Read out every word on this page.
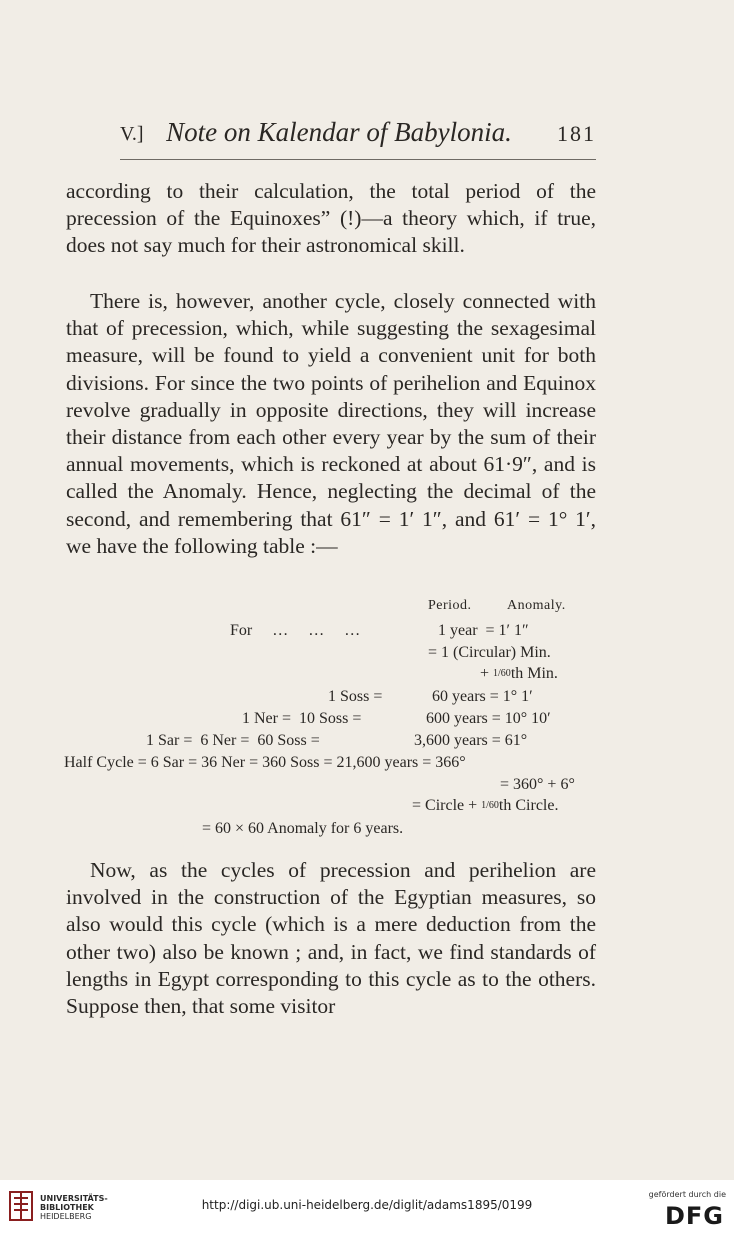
V.] Note on Kalendar of Babylonia.	181

according to their calculation, the total period of the precession of the Equinoxes” (!)—a theory which, if true, does not say much for their astronomical skill.

There is, however, another cycle, closely connected with that of precession, which, while suggesting the sexagesimal measure, will be found to yield a convenient unit for both divisions. For since the two points of perihelion and Equinox revolve gradually in opposite directions, they will increase their distance from each other every year by the sum of their annual movements, which is reckoned at about 61·9″, and is called the Anomaly. Hence, neglecting the decimal of the second, and remembering that 61″ = 1′ 1″, and 61′ = 1° 1′, we have the following table :—

Period.	Anomaly.
For     …     …     …	1 year  = 1′ 1″
= 1 (Circular) Min.
+ 1/60th Min.
1 Soss =	60 years = 1° 1′
1 Ner =  10 Soss =	600 years = 10° 10′
1 Sar =  6 Ner =  60 Soss =	3,600 years = 61°
Half Cycle = 6 Sar = 36 Ner = 360 Soss = 21,600 years = 366°
= 360° + 6°
= Circle + 1/60th Circle.
= 60 × 60 Anomaly for 6 years.

Now, as the cycles of precession and perihelion are involved in the construction of the Egyptian measures, so also would this cycle (which is a mere deduction from the other two) also be known ; and, in fact, we find standards of lengths in Egypt corresponding to this cycle as to the others. Suppose then, that some visitor

UNIVERSITÄTS-
BIBLIOTHEK
HEIDELBERG
http://digi.ub.uni-heidelberg.de/diglit/adams1895/0199
gefördert durch die
DFG
